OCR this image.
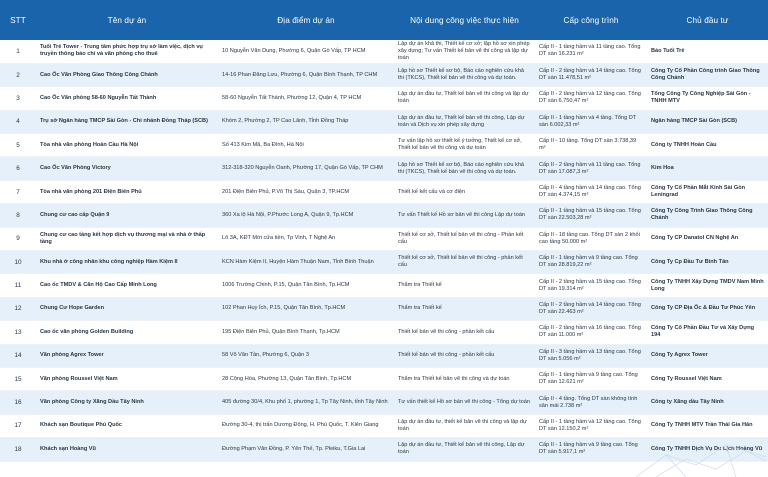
STT	Tên dự án	Địa điểm dự án	Nội dung công việc thực hiện	Cấp công trình	Chủ đầu tư
1	Tuổi Trẻ Tower - Trung tâm phức hợp trụ sở làm việc, dịch vụ truyền thông báo chí và văn phòng cho thuê	10 Nguyễn Văn Dung, Phường 6, Quận Gò Vấp, TP HCM	Lập dự án khả thi, Thiết kế cơ sở; lập hồ sơ xin phép xây dựng; Tư vấn Thiết kế bản vẽ thi công và lập dự toán	Cấp II - 1 tầng hầm và 11 tầng cao. Tổng DT sàn 16.231 m²	Báo Tuổi Trẻ
2	Cao Ốc Văn Phòng Giao Thông Công Chánh	14-16 Phan Đăng Lưu, Phường 6, Quận Bình Thạnh, TP CHM	Lập hồ sơ Thiết kế sơ bộ, Báo cáo nghiên cứu khả thi (TKCS), Thiết kế bản vẽ thi công và dự toán.	Cấp II - 2 tầng hầm và 14 tầng cao. Tổng DT sàn 11.478,51 m²	Công Ty Cổ Phần Công trình Giao Thông Công Chánh
3	Cao Ốc Văn phòng 58-60 Nguyễn Tất Thành	58-60 Nguyễn Tất Thành, Phường 12, Quận 4, TP HCM	Lập dự án đầu tư, Thiết kế bản vẽ thi công và lập dự toán	Cấp II - 2 tầng hầm và 12 tầng cao. Tổng DT sàn 6.750,47 m²	Tổng Công Ty Công Nghiệp Sài Gòn - TNHH MTV
4	Trụ sở Ngân hàng TMCP Sài Gòn - Chi nhánh Đồng Tháp (SCB)	Khóm 2, Phường 2, TP Cao Lãnh, Tỉnh Đồng Tháp	Lập dự án đầu tư, Thiết kế bản vẽ thi công, Lập dự toán và Dịch vụ xin phép xây dựng	Cấp II - 1 tầng hầm và 4 tầng. Tổng DT sàn 6.002,33 m²	Ngân hàng TMCP Sài Gòn (SCB)
5	Tòa nhà văn phòng Hoàn Cầu Hà Nội	Số 413 Kim Mã, Ba Đình, Hà Nội	Tư vấn lập hồ sơ thiết kế ý tưởng, Thiết kế cơ sở, Thiết kế bản vẽ thi công và dự toán	Cấp II - 10 tầng. Tổng DT sàn 3.738,39 m²	Công ty TNHH Hoàn Cầu
6	Cao Ốc Văn Phòng Victory	312-318-320 Nguyễn Oanh, Phường 17, Quận Gò Vấp, TP CHM	Lập hồ sơ Thiết kế sơ bộ, Báo cáo nghiên cứu khả thi (TKCS), Thiết kế bản vẽ thi công và dự toán.	Cấp II - 2 tầng hầm và 11 tầng cao. Tổng DT sàn 17.087,3 m²	Kim Hoa
7	Tòa nhà văn phòng 201 Điện Biên Phủ	201 Điện Biên Phủ, P.Võ Thị Sáu, Quận 3, TP.HCM	Thiết kế kết cấu và cơ điện	Cấp II - 4 tầng hầm và 14 tầng cao. Tổng DT sàn 4.374,15 m²	Công Ty Cổ Phần Mắt Kính Sài Gòn Leningrad
8	Chung cư cao cấp Quận 9	360 Xa lộ Hà Nội, P.Phước Long A, Quận 9, Tp.HCM	Tư vấn Thiết kế Hồ sơ bản vẽ thi công Lập dự toán	Cấp II - 1 tầng hầm và 15 tầng cao. Tổng DT sàn 22.503,28 m²	Công Ty Công Trình Giao Thông Công Chánh
9	Chung cư cao tầng kết hợp dịch vụ thương mại và nhà ở thấp tầng	Lô 3A, KĐT Mới cửa tiền, Tp Vinh, T Nghệ An	Thiết kế cơ sở, Thiết kế bản vẽ thi công - Phần kết cấu	Cấp II - 18 tầng cao. Tổng DT sàn 2 khối cao tầng 50.000 m²	Công Ty CP Danatol CN Nghệ An
10	Khu nhà ở công nhân khu công nghiệp Hàm Kiệm II	KCN Hàm Kiệm II, Huyện Hàm Thuận Nam, Tỉnh Bình Thuận	Thiết kế cơ sở, Thiết kế bản vẽ thi công - phần kết cấu	Cấp II - 1 tầng hầm và 9 tầng cao. Tổng DT sàn 28.819,22 m²	Công Ty Cp Đầu Tư Bình Tân
11	Cao ốc TMDV & Căn Hộ Cao Cấp Minh Long	1006 Trường Chinh, P.15, Quận Tân Bình, Tp.HCM	Thẩm tra Thiết kế	Cấp II - 2 tầng hầm và 15 tầng cao. Tổng DT sàn 19.314 m²	Công Ty TNHH Xây Dựng TMDV Nam Minh Long
12	Chung Cư Hope Garden	102 Phan Huy Ích, P.15, Quận Tân Bình, Tp.HCM	Thẩm tra Thiết kế	Cấp II - 2 tầng hầm và 14 tầng cao. Tổng DT sàn 22.463 m²	Công Ty CP Địa Ốc & Đầu Tư Phúc Yên
13	Cao ốc văn phòng Golden Building	195 Điện Biên Phủ, Quận Bình Thạnh, Tp.HCM	Thiết kế bản vẽ thi công - phần kết cấu	Cấp II - 2 tầng hầm và 16 tầng cao. Tổng DT sàn 11.000 m²	Công Ty Cổ Phần Đầu Tư và Xây Dựng 194
14	Văn phòng Agrex Tower	58 Võ Văn Tần, Phường 6, Quận 3	Thiết kế bản vẽ thi công - phần kết cấu	Cấp II - 3 tầng hầm và 13 tầng cao. Tổng DT sàn 5.056 m²	Công Ty Agrex Tower
15	Văn phòng Roussel Việt Nam	28 Cộng Hòa, Phường 13, Quận Tân Bình, Tp.HCM	Thẩm tra Thiết kế bản vẽ thi công và dự toán	Cấp II - 1 tầng hầm và 9 tầng cao. Tổng DT sàn 12.621 m²	Công Ty Roussel Việt Nam
16	Văn phòng Công ty Xăng Dầu Tây Ninh	405 đường 30/4, Khu phố 1, phường 1, Tp Tây Ninh, tỉnh Tây Ninh	Tư vấn thiết kế Hồ sơ bản vẽ thi công - Tổng dự toán	Cấp II - 4 tầng. Tổng DT sàn không tính sân mái 2.738 m²	Công ty Xăng dầu Tây Ninh
17	Khách sạn Boutique Phú Quốc	Đường 30-4, thị trấn Dương Đông, H. Phú Quốc, T. Kiên Giang	Lập dự án đầu tư, thiết kế bản vẽ thi công và lập dự toán	Cấp II - 1 tầng hầm và 12 tầng cao. Tổng DT sàn 12.150,2 m²	Công Ty TNHH MTV Trần Thái Gia Hân
18	Khách sạn Hoàng Vũ	Đường Phạm Văn Đồng, P. Yên Thế, Tp. Pleiku, T.Gia Lai	Lập dự án đầu tư, Thiết kế bản vẽ thi công, Lập dự toán	Cấp II - 1 tầng hầm và 9 tầng cao. Tổng DT sàn 5.917,1 m²	Công Ty TNHH Dịch Vụ Du Lịch Hoàng Vũ
